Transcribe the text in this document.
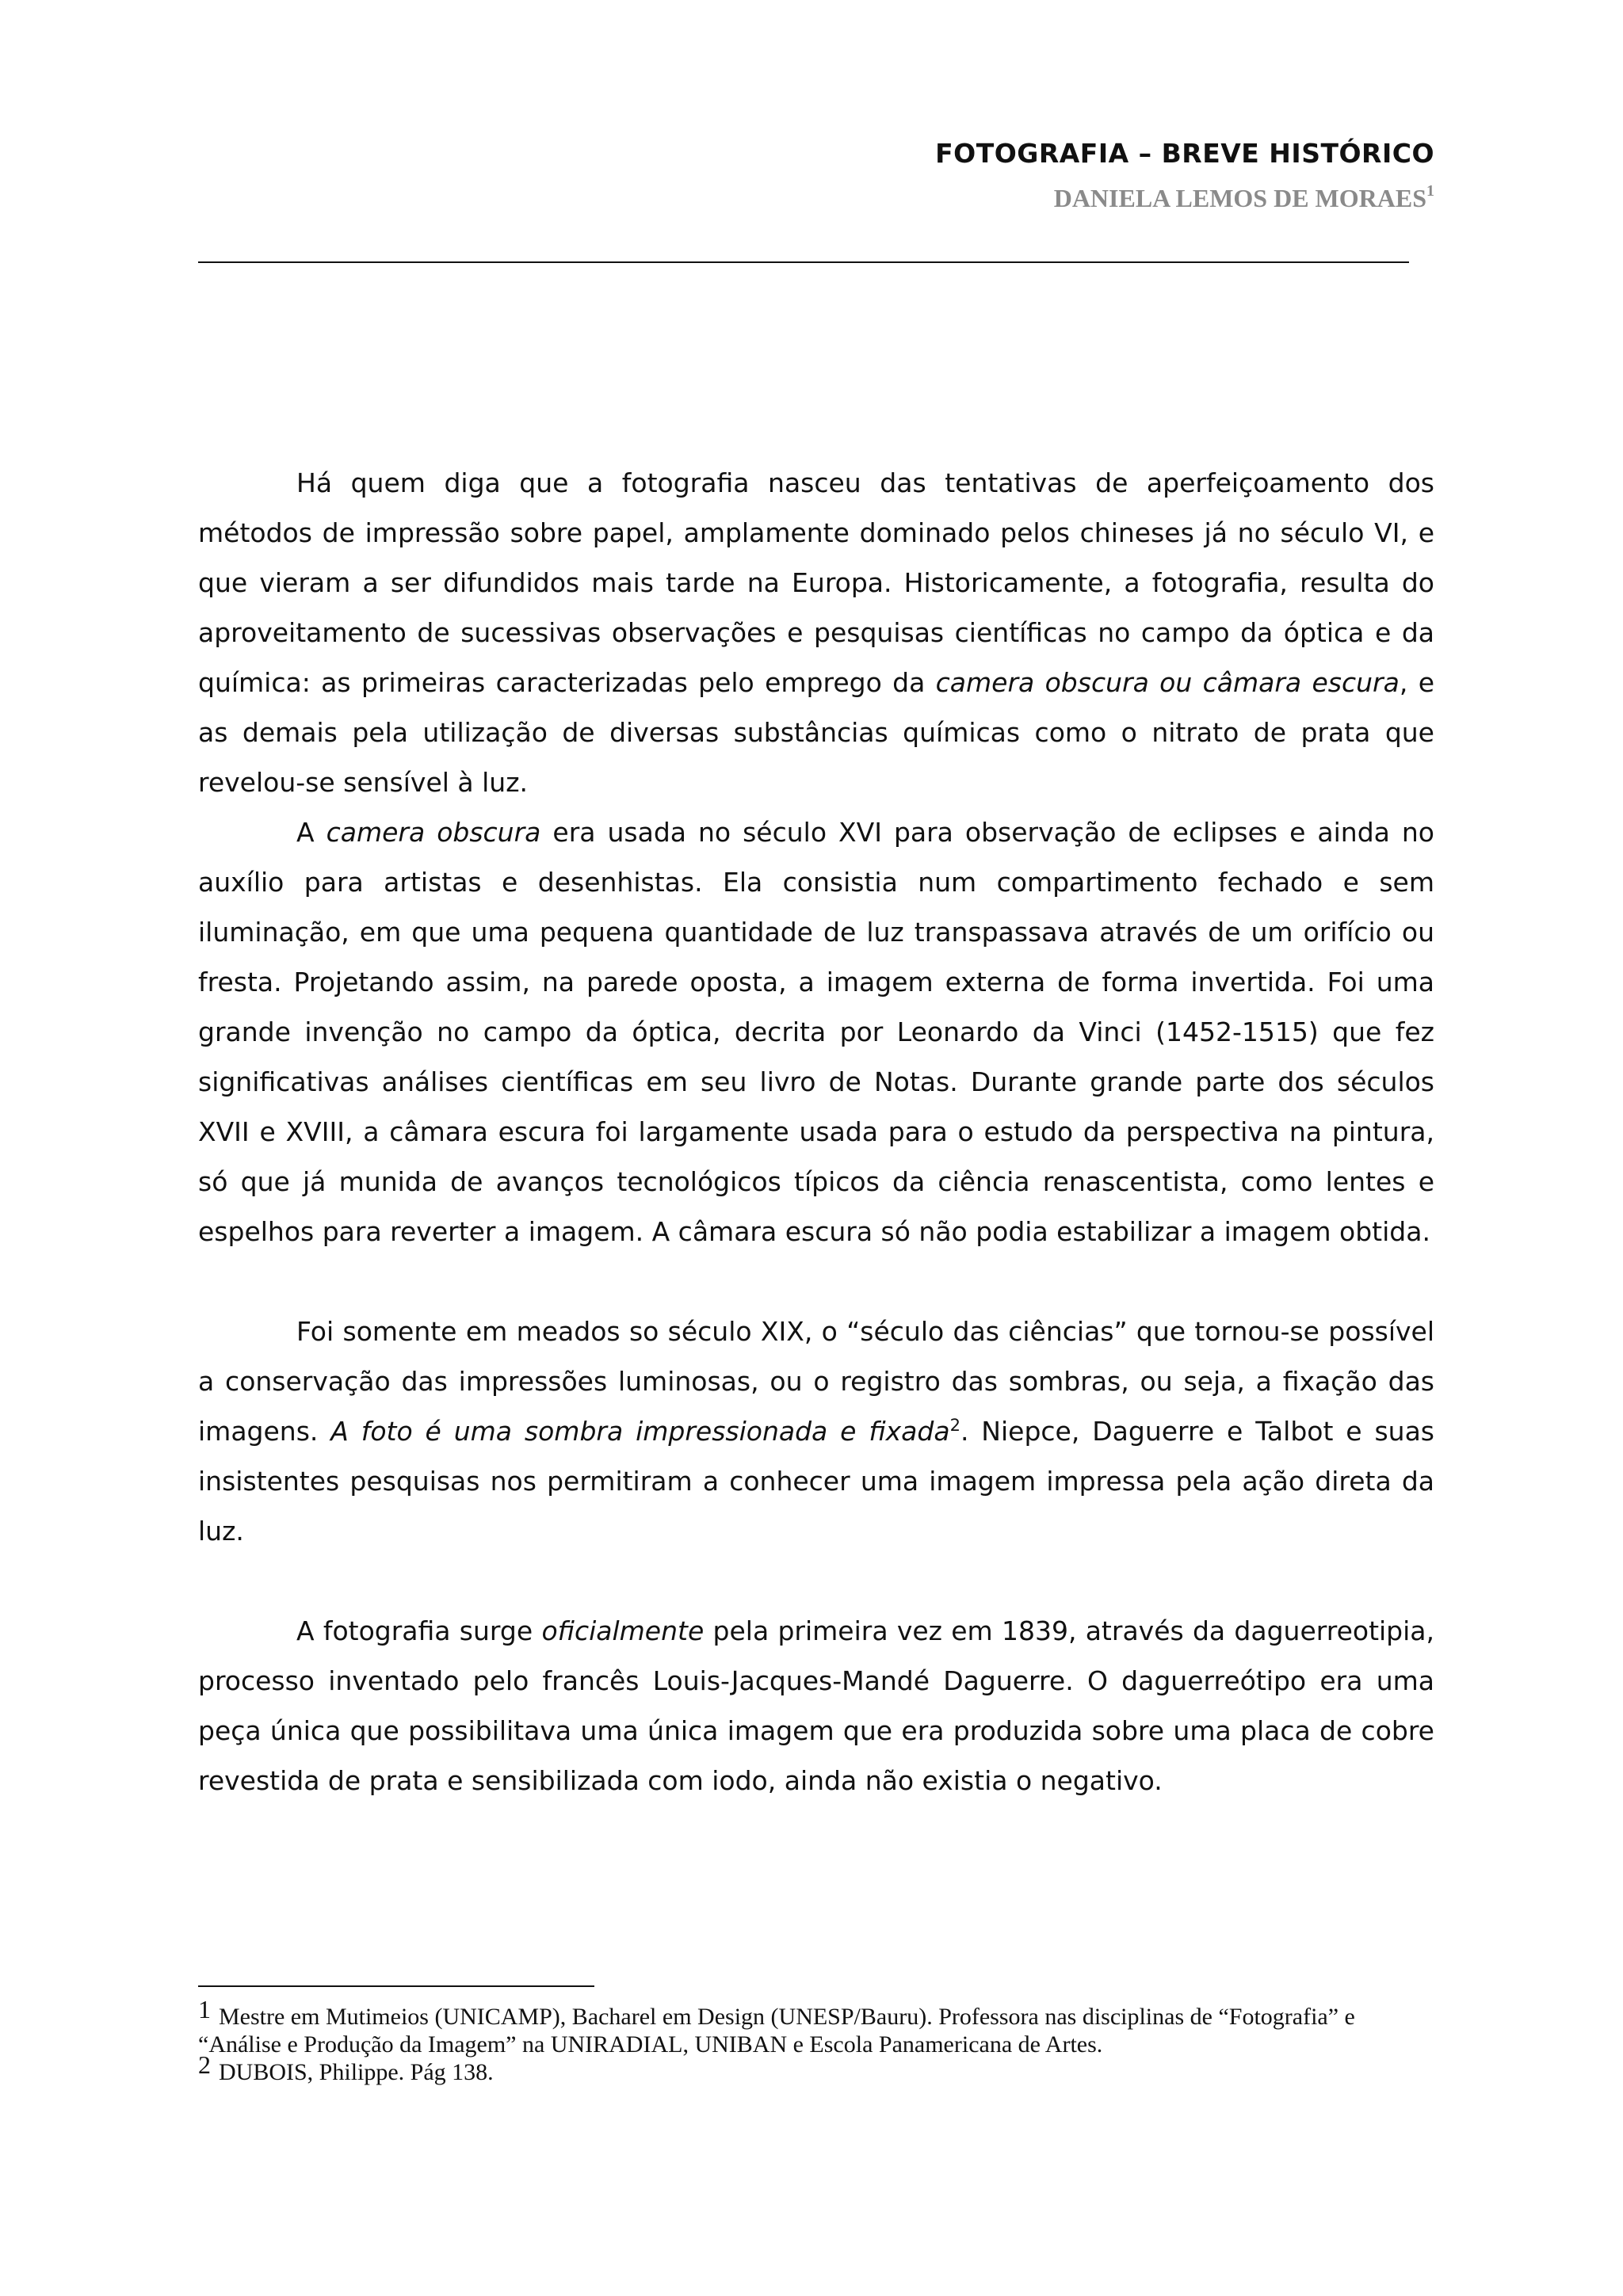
FOTOGRAFIA – BREVE HISTÓRICO
DANIELA LEMOS DE MORAES$^1$

Há quem diga que a fotografia nasceu das tentativas de aperfeiçoamento dos métodos de impressão sobre papel, amplamente dominado pelos chineses já no século VI, e que vieram a ser difundidos mais tarde na Europa. Historicamente, a fotografia, resulta do aproveitamento de sucessivas observações e pesquisas científicas no campo da óptica e da química: as primeiras caracterizadas pelo emprego da camera obscura ou câmara escura, e as demais pela utilização de diversas substâncias químicas como o nitrato de prata que revelou-se sensível à luz.

A camera obscura era usada no século XVI para observação de eclipses e ainda no auxílio para artistas e desenhistas. Ela consistia num compartimento fechado e sem iluminação, em que uma pequena quantidade de luz transpassava através de um orifício ou fresta. Projetando assim, na parede oposta, a imagem externa de forma invertida. Foi uma grande invenção no campo da óptica, decrita por Leonardo da Vinci (1452-1515) que fez significativas análises científicas em seu livro de Notas. Durante grande parte dos séculos XVII e XVIII, a câmara escura foi largamente usada para o estudo da perspectiva na pintura, só que já munida de avanços tecnológicos típicos da ciência renascentista, como lentes e espelhos para reverter a imagem. A câmara escura só não podia estabilizar a imagem obtida.

Foi somente em meados so século XIX, o “século das ciências” que tornou-se possível a conservação das impressões luminosas, ou o registro das sombras, ou seja, a fixação das imagens. A foto é uma sombra impressionada e fixada$^2$. Niepce, Daguerre e Talbot e suas insistentes pesquisas nos permitiram a conhecer uma imagem impressa pela ação direta da luz.

A fotografia surge oficialmente pela primeira vez em 1839, através da daguerreotipia, processo inventado pelo francês Louis-Jacques-Mandé Daguerre. O daguerreótipo era uma peça única que possibilitava uma única imagem que era produzida sobre uma placa de cobre revestida de prata e sensibilizada com iodo, ainda não existia o negativo.

1 Mestre em Mutimeios (UNICAMP), Bacharel em Design (UNESP/Bauru). Professora nas disciplinas de “Fotografia” e “Análise e Produção da Imagem” na UNIRADIAL, UNIBAN e Escola Panamericana de Artes.

2 DUBOIS, Philippe. Pág 138.
